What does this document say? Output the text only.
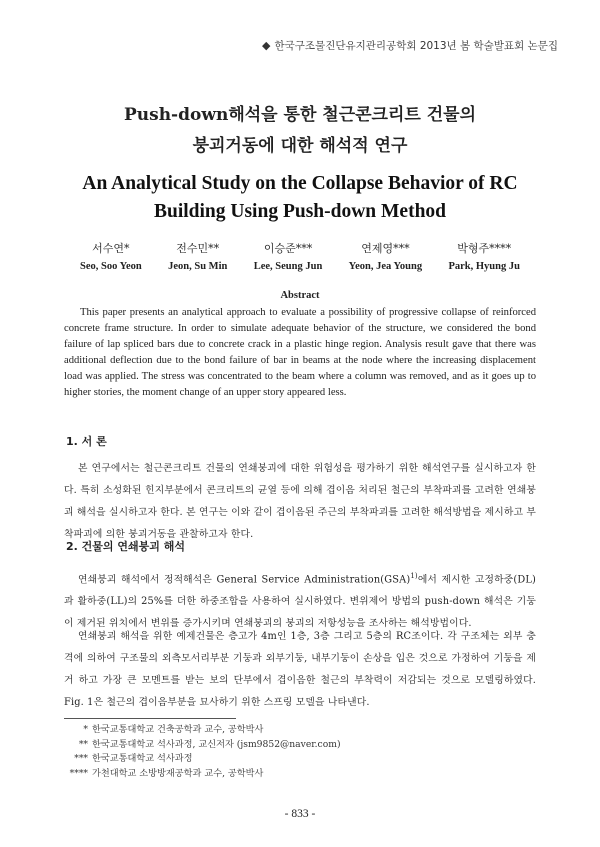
◆ 한국구조물진단유지관리공학회 2013년 봄 학술발표회 논문집
Push-down해석을 통한 철근콘크리트 건물의
붕괴거동에 대한 해석적 연구
An Analytical Study on the Collapse Behavior of RC
Building Using Push-down Method
서수연*
Seo, Soo Yeon
전수민**
Jeon, Su Min
이승준***
Lee, Seung Jun
연제영***
Yeon, Jea Young
박형주****
Park, Hyung Ju
Abstract

This paper presents an analytical approach to evaluate a possibility of progressive collapse of reinforced concrete frame structure. In order to simulate adequate behavior of the structure, we considered the bond failure of lap spliced bars due to concrete crack in a plastic hinge region. Analysis result gave that there was additional deflection due to the bond failure of bar in beams at the node where the increasing displacement load was applied. The stress was concentrated to the beam where a column was removed, and as it goes up to higher stories, the moment change of an upper story appeared less.

1. 서 론

본 연구에서는 철근콘크리트 건물의 연쇄붕괴에 대한 위험성을 평가하기 위한 해석연구를 실시하고자 한다. 특히 소성화된 힌지부분에서 콘크리트의 균열 등에 의해 겹이음 처리된 철근의 부착파괴를 고려한 연쇄붕괴 해석을 실시하고자 한다. 본 연구는 이와 같이 겹이음된 주근의 부착파괴를 고려한 해석방법을 제시하고 부착파괴에 의한 붕괴거동을 관찰하고자 한다.

2. 건물의 연쇄붕괴 해석

연쇄붕괴 해석에서 정적해석은 General Service Administration(GSA)$^{1)}$에서 제시한 고정하중(DL)과 활하중(LL)의 25%를 더한 하중조합을 사용하여 실시하였다. 변위제어 방법의 push-down 해석은 기둥이 제거된 위치에서 변위를 증가시키며 연쇄붕괴의 붕괴의 저항성능을 조사하는 해석방법이다.

연쇄붕괴 해석을 위한 예제건물은 층고가 4m인 1층, 3층 그리고 5층의 RC조이다. 각 구조체는 외부 충격에 의하여 구조물의 외측모서리부분 기둥과 외부기둥, 내부기둥이 손상을 입은 것으로 가정하여 기둥을 제거 하고 가장 큰 모멘트를 받는 보의 단부에서 겹이음한 철근의 부착력이 저감되는 것으로 모델링하였다. Fig. 1은 철근의 겹이음부분을 묘사하기 위한 스프링 모델을 나타낸다.

* 한국교통대학교 건축공학과 교수, 공학박사
** 한국교통대학교 석사과정, 교신저자 (jsm9852@naver.com)
*** 한국교통대학교 석사과정
**** 가천대학교 소방방재공학과 교수, 공학박사
- 833 -
